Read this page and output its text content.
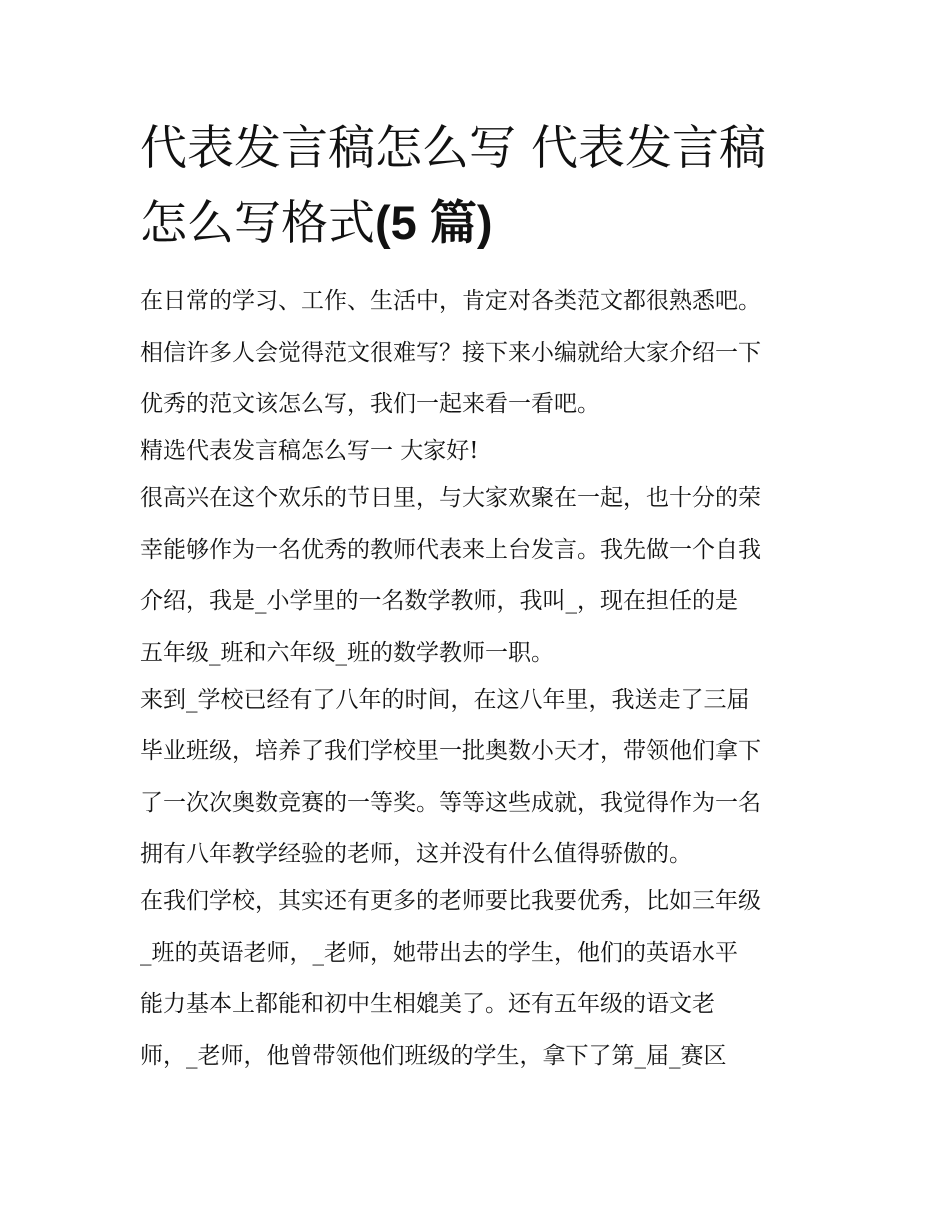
代表发言稿怎么写 代表发言稿
怎么写格式(5 篇)
在日常的学习、工作、生活中，肯定对各类范文都很熟悉吧。
相信许多人会觉得范文很难写？接下来小编就给大家介绍一下
优秀的范文该怎么写，我们一起来看一看吧。
精选代表发言稿怎么写一 大家好!
很高兴在这个欢乐的节日里，与大家欢聚在一起，也十分的荣
幸能够作为一名优秀的教师代表来上台发言。我先做一个自我
介绍，我是_小学里的一名数学教师，我叫_，现在担任的是
五年级_班和六年级_班的数学教师一职。
来到_学校已经有了八年的时间，在这八年里，我送走了三届
毕业班级，培养了我们学校里一批奥数小天才，带领他们拿下
了一次次奥数竞赛的一等奖。等等这些成就，我觉得作为一名
拥有八年教学经验的老师，这并没有什么值得骄傲的。
在我们学校，其实还有更多的老师要比我要优秀，比如三年级
_班的英语老师，_老师，她带出去的学生，他们的英语水平
能力基本上都能和初中生相媲美了。还有五年级的语文老
师，_老师，他曾带领他们班级的学生，拿下了第_届_赛区
